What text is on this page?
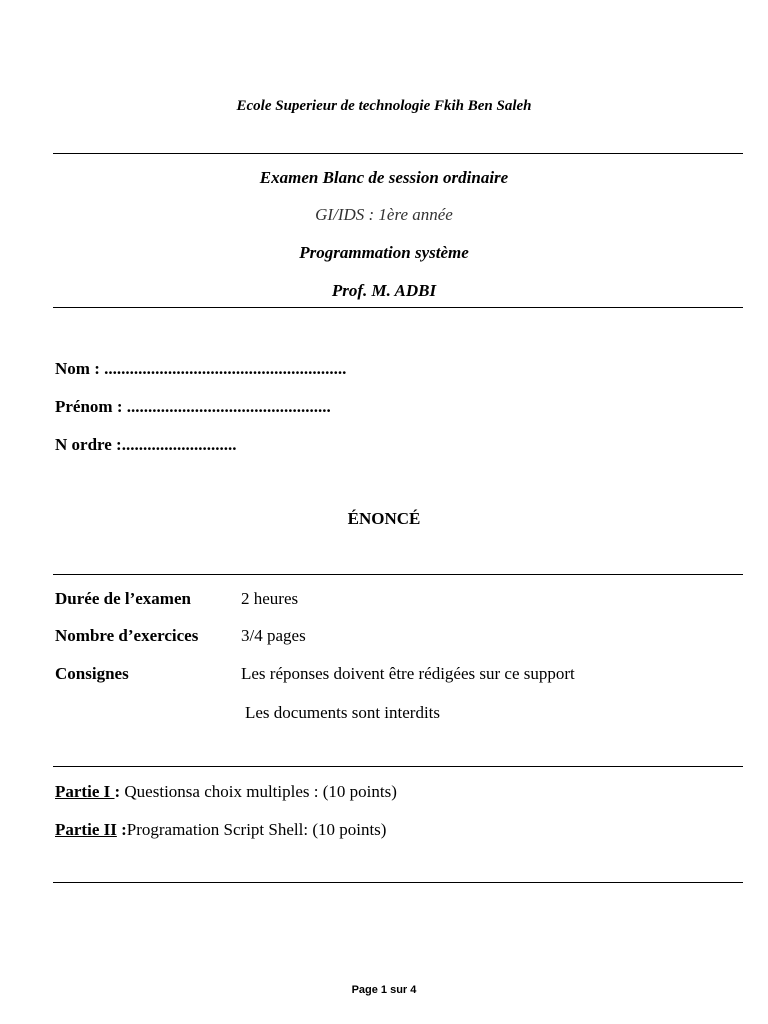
Ecole Superieur de technologie Fkih Ben Saleh
Examen Blanc de session ordinaire
GI/IDS : 1ère année
Programmation système
Prof. M. ADBI
Nom : .........................................................
Prénom : ................................................
N ordre :...........................
ÉNONCÉ
Durée de l’examen	2 heures
Nombre d’exercices	3/4 pages
Consignes	Les réponses doivent être rédigées sur ce support
Les documents sont interdits
Partie I : Questionsa choix multiples : (10 points)
Partie II :Programation Script Shell: (10 points)
Page 1 sur 4
